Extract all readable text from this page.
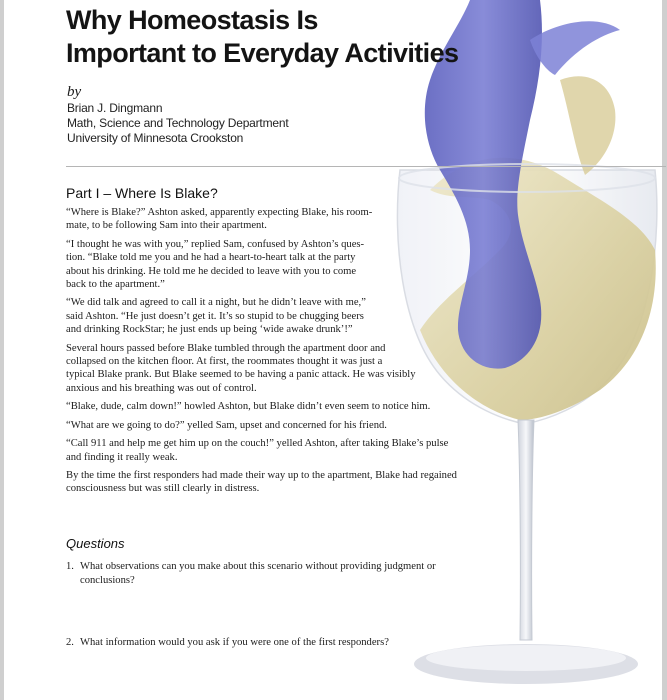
Why Homeostasis Is
Important to Everyday Activities
by
Brian J. Dingmann
Math, Science and Technology Department
University of Minnesota Crookston
Part I – Where Is Blake?

“Where is Blake?” Ashton asked, apparently expecting Blake, his room-
mate, to be following Sam into their apartment.

“I thought he was with you,” replied Sam, confused by Ashton’s ques-
tion. “Blake told me you and he had a heart-to-heart talk at the party
about his drinking. He told me he decided to leave with you to come
back to the apartment.”

“We did talk and agreed to call it a night, but he didn’t leave with me,”
said Ashton. “He just doesn’t get it. It’s so stupid to be chugging beers
and drinking RockStar; he just ends up being ‘wide awake drunk’!”

Several hours passed before Blake tumbled through the apartment door and
collapsed on the kitchen floor. At first, the roommates thought it was just a
typical Blake prank. But Blake seemed to be having a panic attack. He was visibly
anxious and his breathing was out of control.

“Blake, dude, calm down!” howled Ashton, but Blake didn’t even seem to notice him.

“What are we going to do?” yelled Sam, upset and concerned for his friend.

“Call 911 and help me get him up on the couch!” yelled Ashton, after taking Blake’s pulse
and finding it really weak.

By the time the first responders had made their way up to the apartment, Blake had regained
consciousness but was still clearly in distress.

Questions

1. What observations can you make about this scenario without providing judgment or
conclusions?

2. What information would you ask if you were one of the first responders?
